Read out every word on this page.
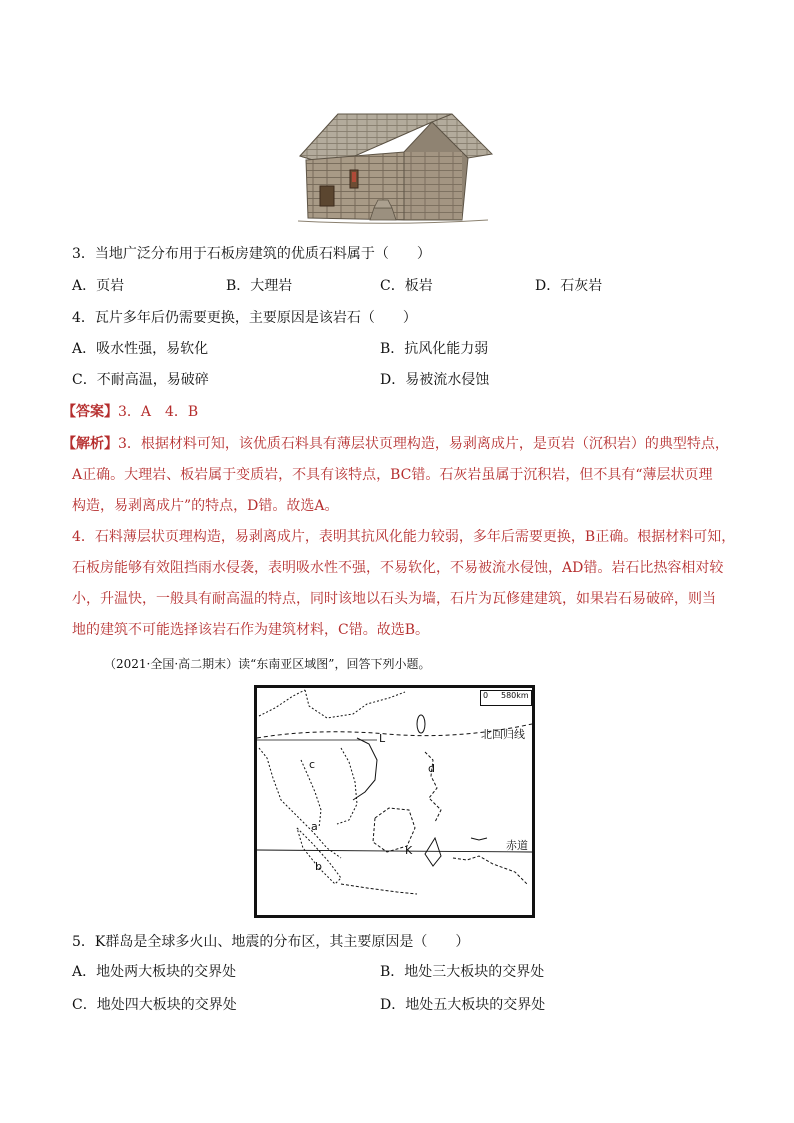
3．当地广泛分布用于石板房建筑的优质石料属于（　　）
A．页岩	B．大理岩	C．板岩	D．石灰岩
4．瓦片多年后仍需要更换，主要原因是该岩石（　　）
A．吸水性强，易软化	B．抗风化能力弱
C．不耐高温，易破碎	D．易被流水侵蚀
【答案】3．A　4．B
【解析】3．根据材料可知，该优质石料具有薄层状页理构造，易剥离成片，是页岩（沉积岩）的典型特点，
A正确。大理岩、板岩属于变质岩，不具有该特点，BC错。石灰岩虽属于沉积岩，但不具有“薄层状页理
构造，易剥离成片”的特点，D错。故选A。
4．石料薄层状页理构造，易剥离成片，表明其抗风化能力较弱，多年后需要更换，B正确。根据材料可知，
石板房能够有效阻挡雨水侵袭，表明吸水性不强，不易软化，不易被流水侵蚀，AD错。岩石比热容相对较
小，升温快，一般具有耐高温的特点，同时该地以石头为墙，石片为瓦修建建筑，如果岩石易破碎，则当
地的建筑不可能选择该岩石作为建筑材料，C错。故选B。
（2021·全国·高二期末）读“东南亚区域图”，回答下列小题。
0 580km
北回归线
赤道
L
K
c	d
a
b
5．K群岛是全球多火山、地震的分布区，其主要原因是（　　）
A．地处两大板块的交界处	B．地处三大板块的交界处
C．地处四大板块的交界处	D．地处五大板块的交界处
